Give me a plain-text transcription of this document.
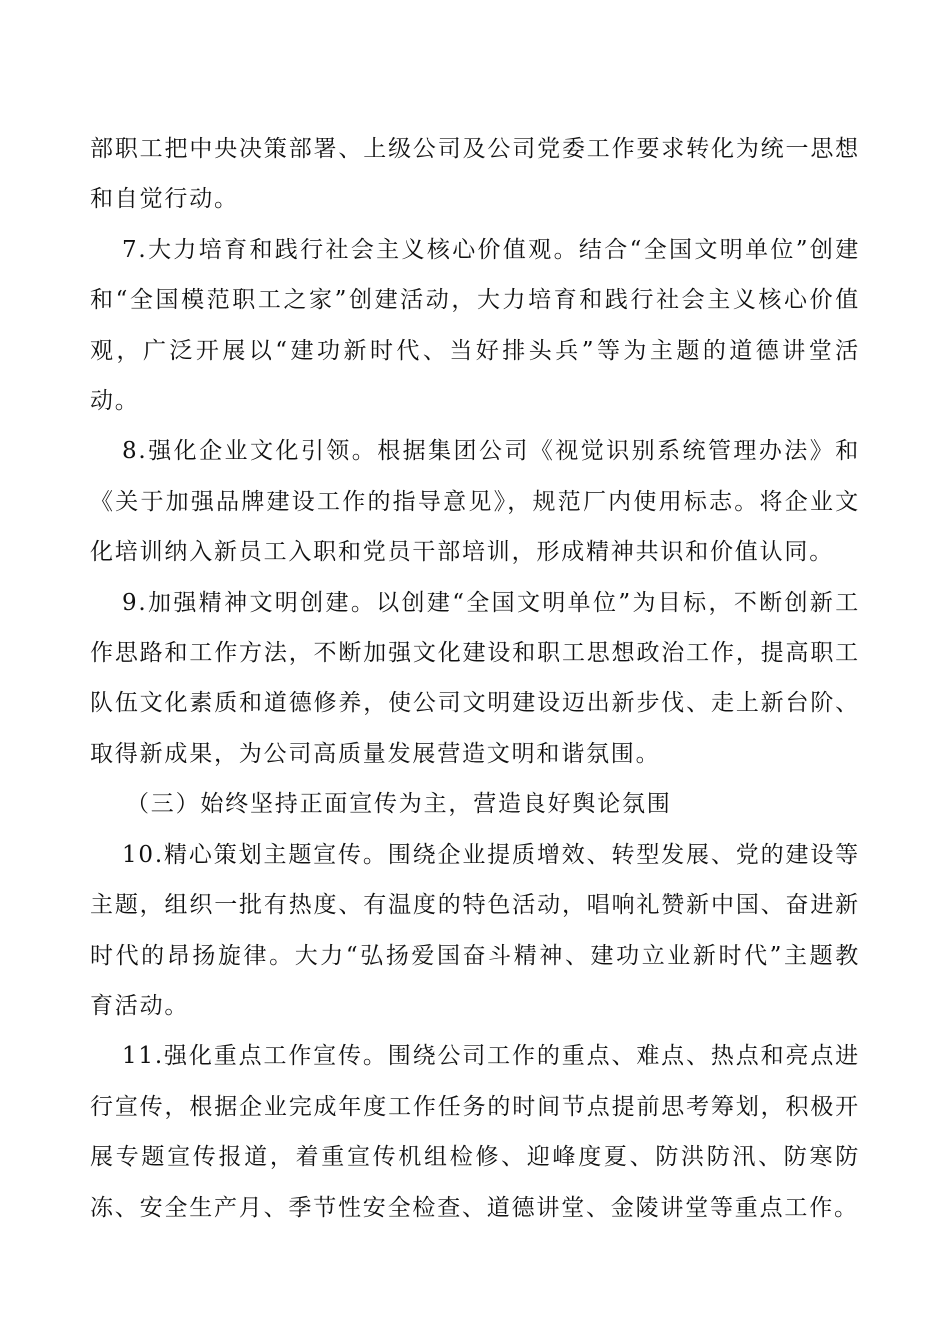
部职工把中央决策部署、上级公司及公司党委工作要求转化为统一思想和自觉行动。

7.大力培育和践行社会主义核心价值观。结合“全国文明单位”创建和“全国模范职工之家”创建活动，大力培育和践行社会主义核心价值观，广泛开展以“建功新时代、当好排头兵”等为主题的道德讲堂活动。

8.强化企业文化引领。根据集团公司《视觉识别系统管理办法》和《关于加强品牌建设工作的指导意见》，规范厂内使用标志。将企业文化培训纳入新员工入职和党员干部培训，形成精神共识和价值认同。

9.加强精神文明创建。以创建“全国文明单位”为目标，不断创新工作思路和工作方法，不断加强文化建设和职工思想政治工作，提高职工队伍文化素质和道德修养，使公司文明建设迈出新步伐、走上新台阶、取得新成果，为公司高质量发展营造文明和谐氛围。

（三）始终坚持正面宣传为主，营造良好舆论氛围

10.精心策划主题宣传。围绕企业提质增效、转型发展、党的建设等主题，组织一批有热度、有温度的特色活动，唱响礼赞新中国、奋进新时代的昂扬旋律。大力“弘扬爱国奋斗精神、建功立业新时代”主题教育活动。

11.强化重点工作宣传。围绕公司工作的重点、难点、热点和亮点进行宣传，根据企业完成年度工作任务的时间节点提前思考筹划，积极开展专题宣传报道，着重宣传机组检修、迎峰度夏、防洪防汛、防寒防冻、安全生产月、季节性安全检查、道德讲堂、金陵讲堂等重点工作。
